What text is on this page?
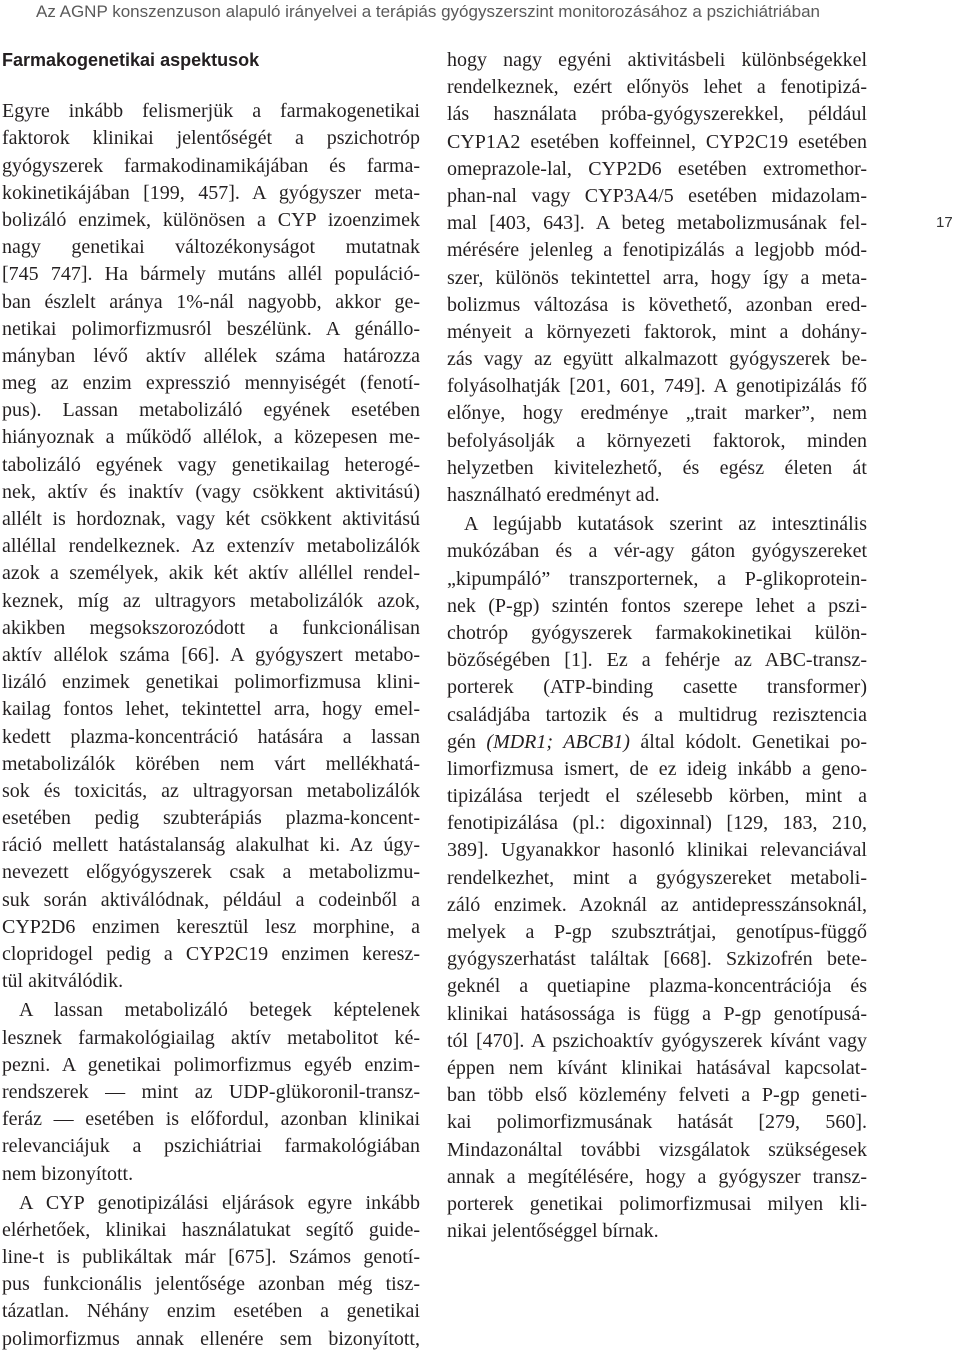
Az AGNP konszenzuson alapuló irányelvei a terápiás gyógyszerszint monitorozásához a pszichiátriában
17
Farmakogenetikai aspektusok
Egyre inkább felismerjük a farmakogenetikai
faktorok klinikai jelentőségét a pszichotróp
gyógyszerek farmakodinamikájában és farma-
kokinetikájában [199, 457]. A gyógyszer meta-
bolizáló enzimek, különösen a CYP izoenzimek
nagy genetikai változékonyságot mutatnak
[745 747]. Ha bármely mutáns allél populáció-
ban észlelt aránya 1%-nál nagyobb, akkor ge-
netikai polimorfizmusról beszélünk. A génállo-
mányban lévő aktív allélek száma határozza
meg az enzim expresszió mennyiségét (fenotí-
pus). Lassan metabolizáló egyének esetében
hiányoznak a működő allélok, a közepesen me-
tabolizáló egyének vagy genetikailag heterogé-
nek, aktív és inaktív (vagy csökkent aktivitású)
allélt is hordoznak, vagy két csökkent aktivitású
alléllal rendelkeznek. Az extenzív metabolizálók
azok a személyek, akik két aktív alléllel rendel-
keznek, míg az ultragyors metabolizálók azok,
akikben megsokszorozódott a funkcionálisan
aktív allélok száma [66]. A gyógyszert metabo-
lizáló enzimek genetikai polimorfizmusa klini-
kailag fontos lehet, tekintettel arra, hogy emel-
kedett plazma-koncentráció hatására a lassan
metabolizálók körében nem várt mellékhatá-
sok és toxicitás, az ultragyorsan metabolizálók
esetében pedig szubterápiás plazma-koncent-
ráció mellett hatástalanság alakulhat ki. Az úgy-
nevezett előgyógyszerek csak a metabolizmu-
suk során aktiválódnak, például a codeinből a
CYP2D6 enzimen keresztül lesz morphine, a
clopridogel pedig a CYP2C19 enzimen keresz-
tül akitválódik.
A lassan metabolizáló betegek képtelenek
lesznek farmakológiailag aktív metabolitot ké-
pezni. A genetikai polimorfizmus egyéb enzim-
rendszerek — mint az UDP-glükoronil-transz-
feráz — esetében is előfordul, azonban klinikai
relevanciájuk a pszichiátriai farmakológiában
nem bizonyított.
A CYP genotipizálási eljárások egyre inkább
elérhetőek, klinikai használatukat segítő guide-
line-t is publikáltak már [675]. Számos genotí-
pus funkcionális jelentősége azonban még tisz-
tázatlan. Néhány enzim esetében a genetikai
polimorfizmus annak ellenére sem bizonyított,
hogy nagy egyéni aktivitásbeli különbségekkel
rendelkeznek, ezért előnyös lehet a fenotipizá-
lás használata próba-gyógyszerekkel, például
CYP1A2 esetében koffeinnel, CYP2C19 esetében
omeprazole-lal, CYP2D6 esetében extromethor-
phan-nal vagy CYP3A4/5 esetében midazolam-
mal [403, 643]. A beteg metabolizmusának fel-
mérésére jelenleg a fenotipizálás a legjobb mód-
szer, különös tekintettel arra, hogy így a meta-
bolizmus változása is követhető, azonban ered-
ményeit a környezeti faktorok, mint a dohány-
zás vagy az együtt alkalmazott gyógyszerek be-
folyásolhatják [201, 601, 749]. A genotipizálás fő
előnye, hogy eredménye „trait marker”, nem
befolyásolják a környezeti faktorok, minden
helyzetben kivitelezhető, és egész életen át
használható eredményt ad.
A legújabb kutatások szerint az intesztinális
mukózában és a vér-agy gáton gyógyszereket
„kipumpáló” transzporternek, a P-glikoprotein-
nek (P-gp) szintén fontos szerepe lehet a pszi-
chotróp gyógyszerek farmakokinetikai külön-
bözőségében [1]. Ez a fehérje az ABC-transz-
porterek (ATP-binding casette transformer)
családjába tartozik és a multidrug rezisztencia
gén (MDR1; ABCB1) által kódolt. Genetikai po-
limorfizmusa ismert, de ez ideig inkább a geno-
tipizálása terjedt el szélesebb körben, mint a
fenotipizálása (pl.: digoxinnal) [129, 183, 210,
389]. Ugyanakkor hasonló klinikai relevanciával
rendelkezhet, mint a gyógyszereket metaboli-
záló enzimek. Azoknál az antidepresszánsoknál,
melyek a P-gp szubsztrátjai, genotípus-függő
gyógyszerhatást találtak [668]. Szkizofrén bete-
geknél a quetiapine plazma-koncentrációja és
klinikai hatásossága is függ a P-gp genotípusá-
tól [470]. A pszichoaktív gyógyszerek kívánt vagy
éppen nem kívánt klinikai hatásával kapcsolat-
ban több első közlemény felveti a P-gp geneti-
kai polimorfizmusának hatását [279, 560].
Mindazonáltal további vizsgálatok szükségesek
annak a megítélésére, hogy a gyógyszer transz-
porterek genetikai polimorfizmusai milyen kli-
nikai jelentőséggel bírnak.
